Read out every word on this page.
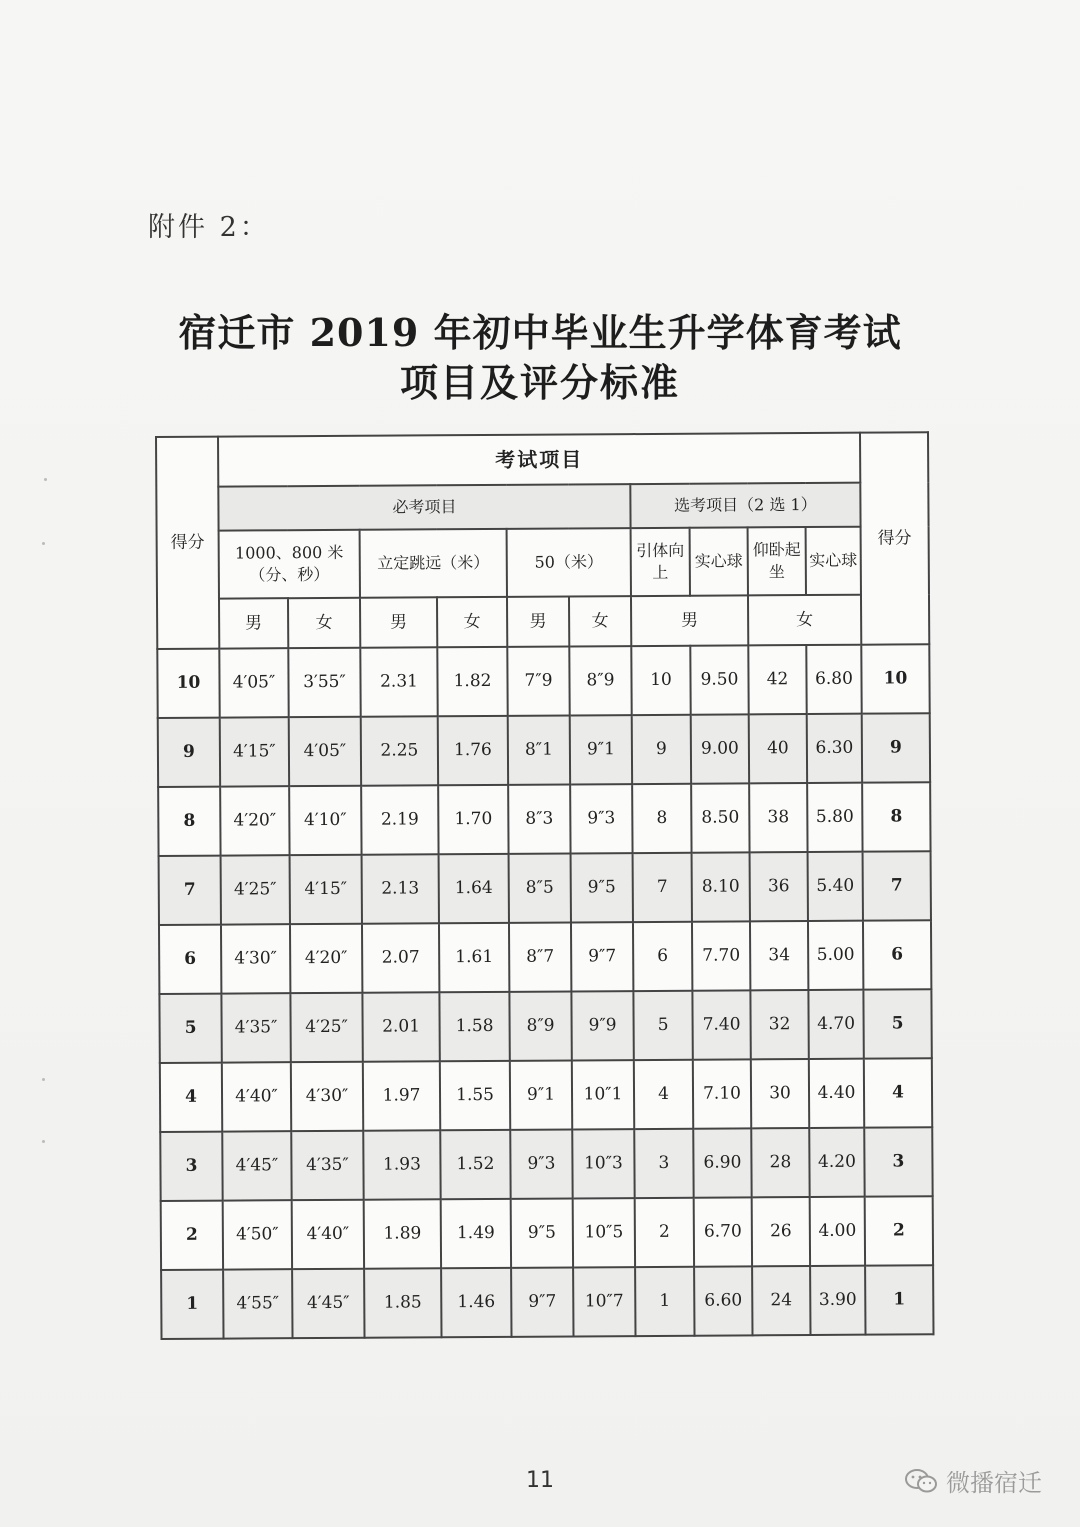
附件 2：
宿迁市 2019 年初中毕业生升学体育考试
项目及评分标准
得分	考试项目										得分
	必考项目						选考项目（2 选 1）				
	1000、800 米（分、秒）		立定跳远（米）		50（米）		引体向上	实心球	仰卧起坐	实心球	
	男	女	男	女	男	女	男		女		
10	4′05″	3′55″	2.31	1.82	7″9	8″9	10	9.50	42	6.80	10
9	4′15″	4′05″	2.25	1.76	8″1	9″1	9	9.00	40	6.30	9
8	4′20″	4′10″	2.19	1.70	8″3	9″3	8	8.50	38	5.80	8
7	4′25″	4′15″	2.13	1.64	8″5	9″5	7	8.10	36	5.40	7
6	4′30″	4′20″	2.07	1.61	8″7	9″7	6	7.70	34	5.00	6
5	4′35″	4′25″	2.01	1.58	8″9	9″9	5	7.40	32	4.70	5
4	4′40″	4′30″	1.97	1.55	9″1	10″1	4	7.10	30	4.40	4
3	4′45″	4′35″	1.93	1.52	9″3	10″3	3	6.90	28	4.20	3
2	4′50″	4′40″	1.89	1.49	9″5	10″5	2	6.70	26	4.00	2
1	4′55″	4′45″	1.85	1.46	9″7	10″7	1	6.60	24	3.90	1
11	微播宿迁
